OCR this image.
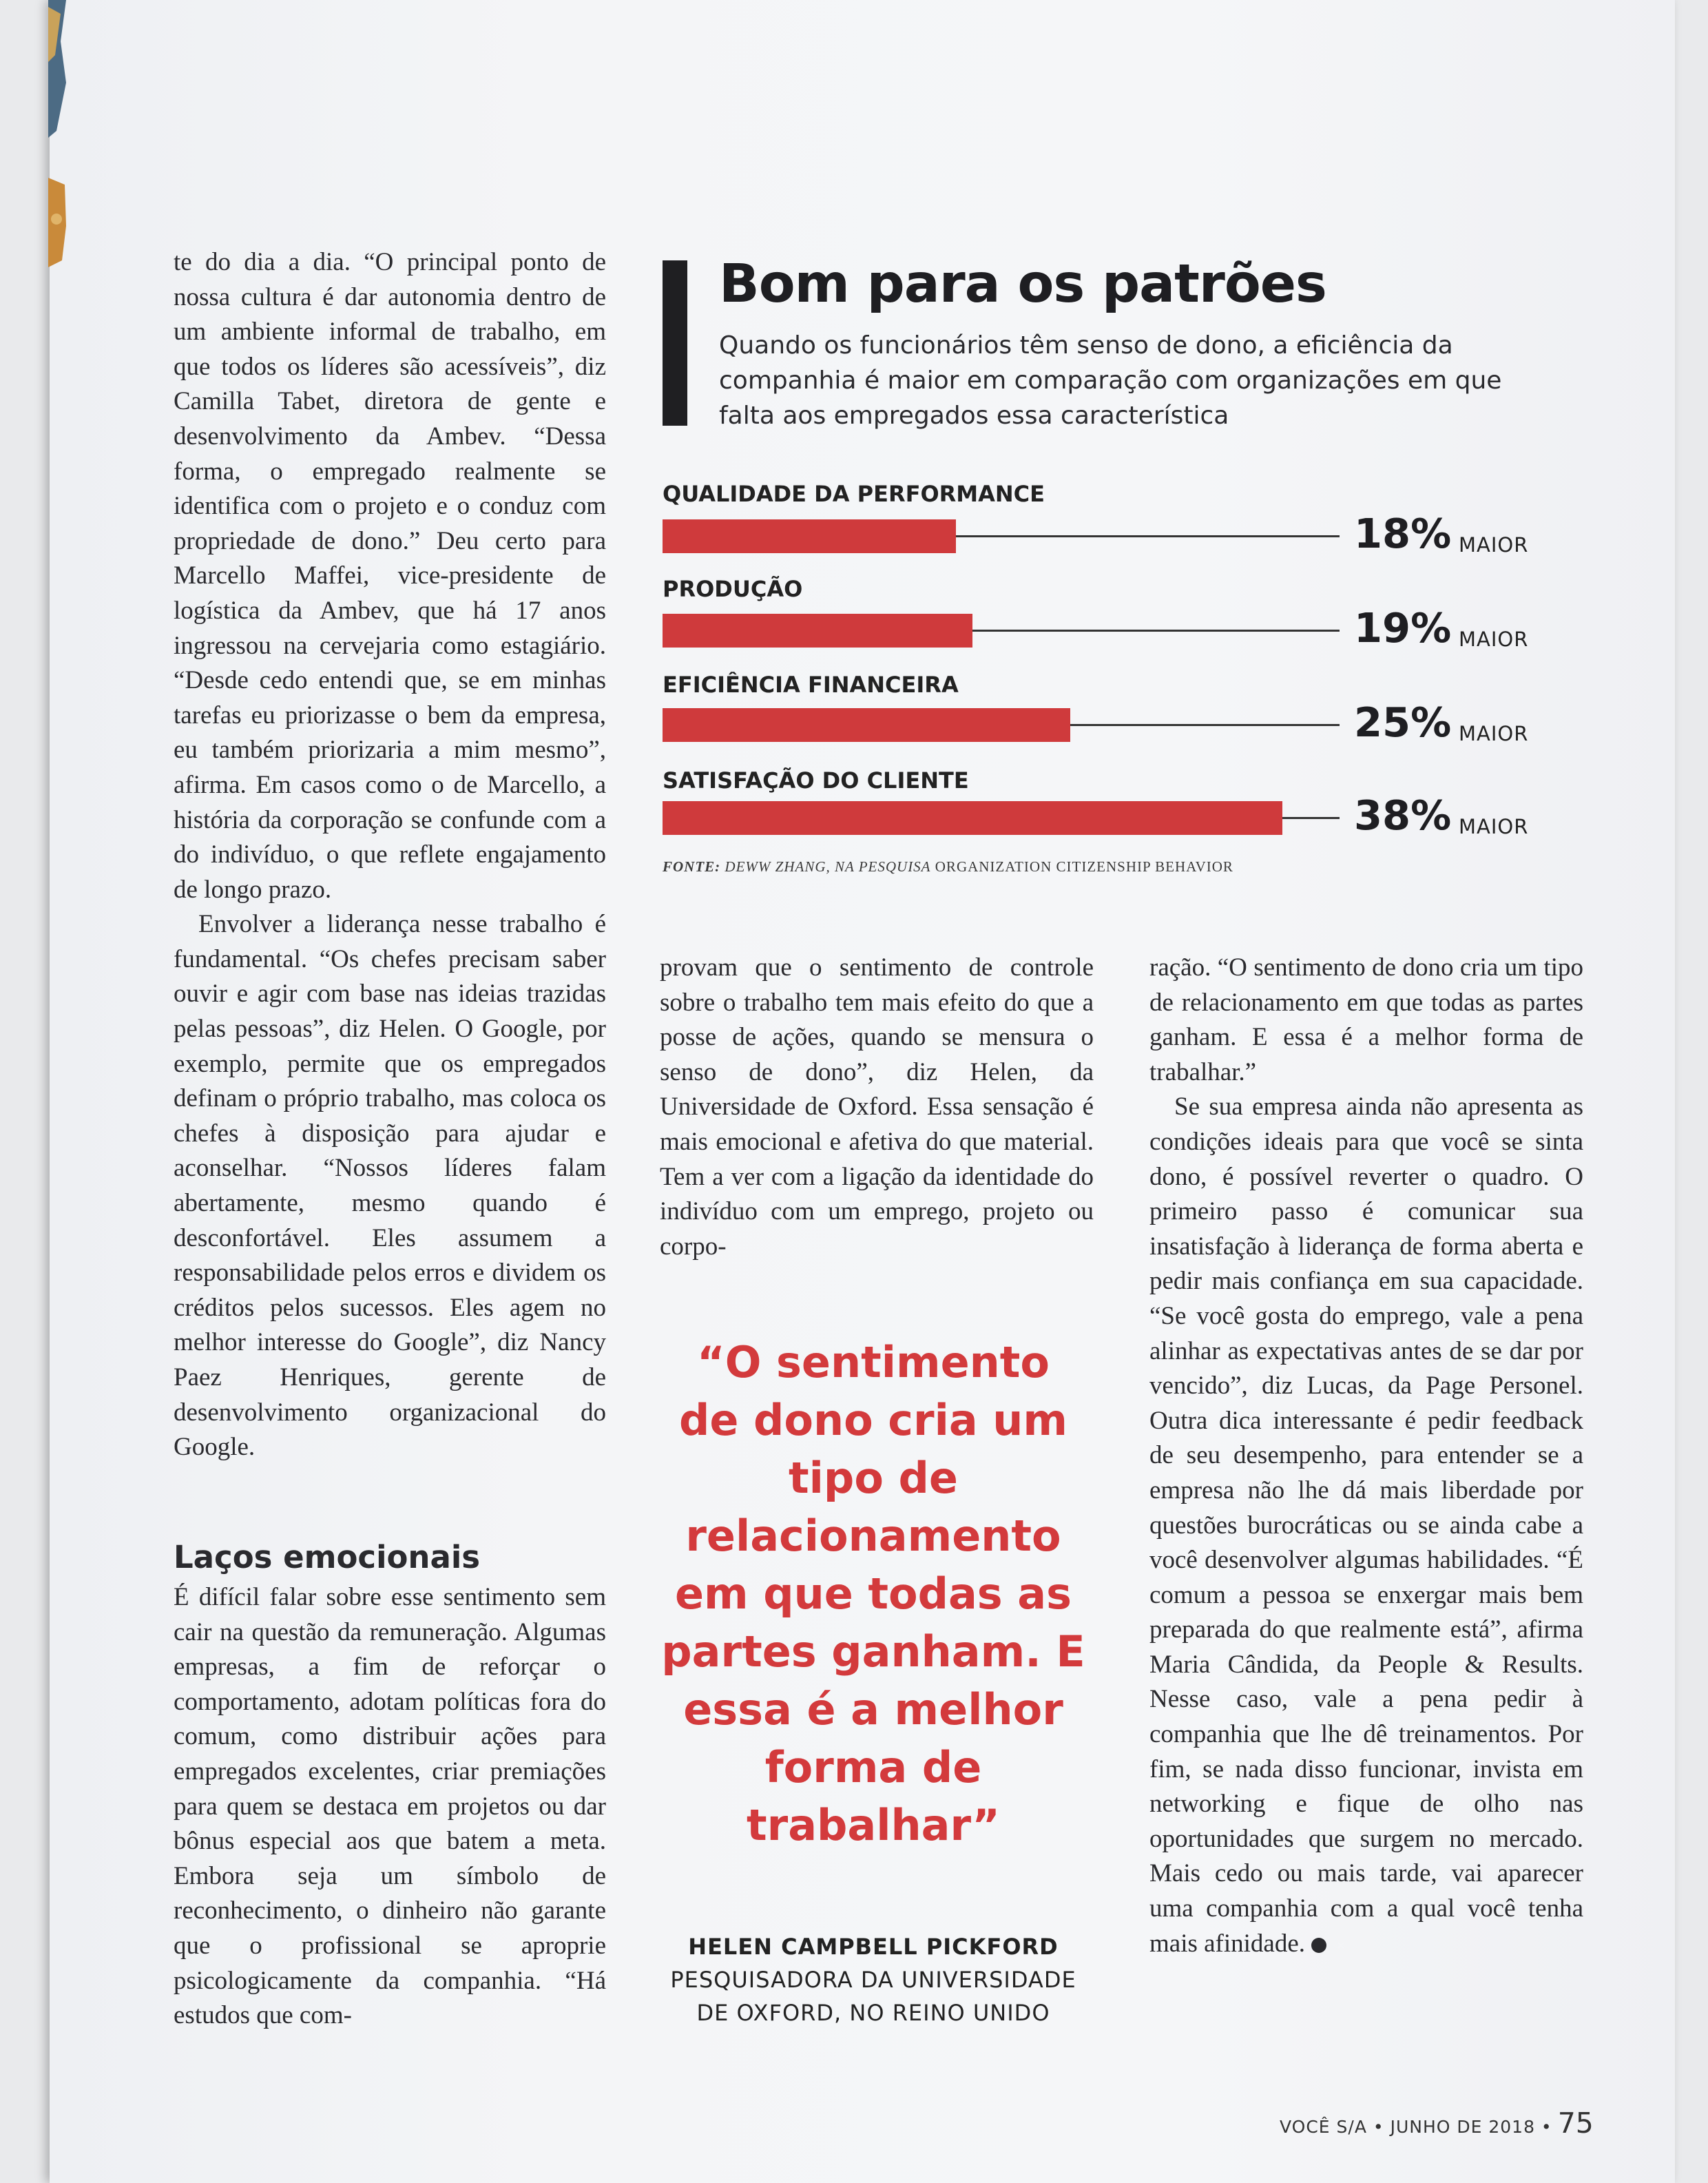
te do dia a dia. “O principal ponto de nossa cultura é dar autonomia dentro de um ambiente informal de trabalho, em que todos os líderes são acessíveis”, diz Camilla Tabet, diretora de gente e desenvolvimento da Ambev. “Dessa forma, o empregado realmente se identifica com o projeto e o conduz com propriedade de dono.” Deu certo para Marcello Maffei, vice-presidente de logística da Ambev, que há 17 anos ingressou na cervejaria como estagiário. “Desde cedo entendi que, se em minhas tarefas eu priorizasse o bem da empresa, eu também priorizaria a mim mesmo”, afirma. Em casos como o de Marcello, a história da corporação se confunde com a do indivíduo, o que reflete engajamento de longo prazo.

Envolver a liderança nesse trabalho é fundamental. “Os chefes precisam saber ouvir e agir com base nas ideias trazidas pelas pessoas”, diz Helen. O Google, por exemplo, permite que os empregados definam o próprio trabalho, mas coloca os chefes à disposição para ajudar e aconselhar. “Nossos líderes falam abertamente, mesmo quando é desconfortável. Eles assumem a responsabilidade pelos erros e dividem os créditos pelos sucessos. Eles agem no melhor interesse do Google”, diz Nancy Paez Henriques, gerente de desenvolvimento organizacional do Google.

Laços emocionais

É difícil falar sobre esse sentimento sem cair na questão da remuneração. Algumas empresas, a fim de reforçar o comportamento, adotam políticas fora do comum, como distribuir ações para empregados excelentes, criar premiações para quem se destaca em projetos ou dar bônus especial aos que batem a meta. Embora seja um símbolo de reconhecimento, o dinheiro não garante que o profissional se aproprie psicologicamente da companhia. “Há estudos que com-

Bom para os patrões
Quando os funcionários têm senso de dono, a eficiência da companhia é maior em comparação com organizações em que falta aos empregados essa característica
QUALIDADE DA PERFORMANCE
18% MAIOR
PRODUÇÃO
19% MAIOR
EFICIÊNCIA FINANCEIRA
25% MAIOR
SATISFAÇÃO DO CLIENTE
38% MAIOR
FONTE: DEWW ZHANG, NA PESQUISA ORGANIZATION CITIZENSHIP BEHAVIOR

provam que o sentimento de controle sobre o trabalho tem mais efeito do que a posse de ações, quando se mensura o senso de dono”, diz Helen, da Universidade de Oxford. Essa sensação é mais emocional e afetiva do que material. Tem a ver com a ligação da identidade do indivíduo com um emprego, projeto ou corpo-

“O sentimento de dono cria um tipo de relacionamento em que todas as partes ganham. E essa é a melhor forma de trabalhar”
HELEN CAMPBELL PICKFORD
PESQUISADORA DA UNIVERSIDADE DE OXFORD, NO REINO UNIDO

ração. “O sentimento de dono cria um tipo de relacionamento em que todas as partes ganham. E essa é a melhor forma de trabalhar.”

Se sua empresa ainda não apresenta as condições ideais para que você se sinta dono, é possível reverter o quadro. O primeiro passo é comunicar sua insatisfação à liderança de forma aberta e pedir mais confiança em sua capacidade. “Se você gosta do emprego, vale a pena alinhar as expectativas antes de se dar por vencido”, diz Lucas, da Page Personel. Outra dica interessante é pedir feedback de seu desempenho, para entender se a empresa não lhe dá mais liberdade por questões burocráticas ou se ainda cabe a você desenvolver algumas habilidades. “É comum a pessoa se enxergar mais bem preparada do que realmente está”, afirma Maria Cândida, da People & Results. Nesse caso, vale a pena pedir à companhia que lhe dê treinamentos. Por fim, se nada disso funcionar, invista em networking e fique de olho nas oportunidades que surgem no mercado. Mais cedo ou mais tarde, vai aparecer uma companhia com a qual você tenha mais afinidade.	×

VOCÊ S/A • JUNHO DE 2018 • 75
